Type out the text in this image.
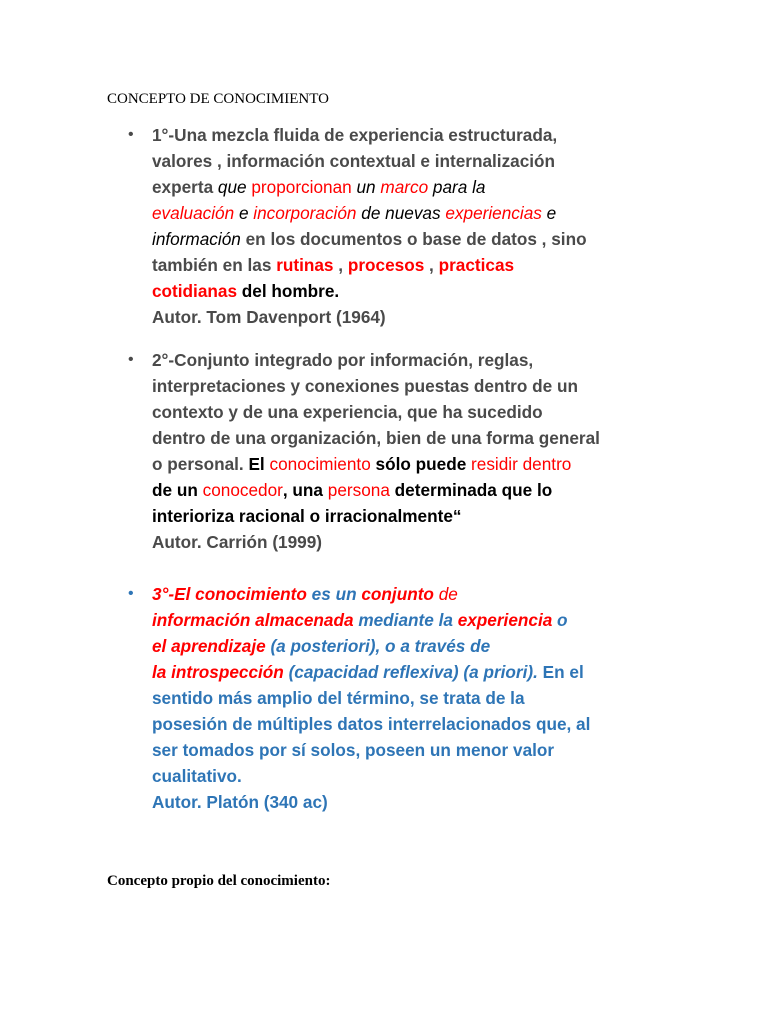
CONCEPTO DE CONOCIMIENTO
• 1°-Una mezcla fluida de experiencia estructurada,
valores , información contextual e internalización
experta que proporcionan un marco para la
evaluación e incorporación de nuevas experiencias e
información en los documentos o base de datos , sino
también en las rutinas , procesos , practicas
cotidianas del hombre.
Autor. Tom Davenport (1964)
• 2°-Conjunto integrado por información, reglas,
interpretaciones y conexiones puestas dentro de un
contexto y de una experiencia, que ha sucedido
dentro de una organización, bien de una forma general
o personal. El conocimiento sólo puede residir dentro
de un conocedor, una persona determinada que lo
interioriza racional o irracionalmente“
Autor. Carrión (1999)
• 3°-El conocimiento es un conjunto de
información almacenada mediante la experiencia o
el aprendizaje (a posteriori), o a través de
la introspección (capacidad reflexiva) (a priori). En el
sentido más amplio del término, se trata de la
posesión de múltiples datos interrelacionados que, al
ser tomados por sí solos, poseen un menor valor
cualitativo.
Autor. Platón (340 ac)
Concepto propio del conocimiento:
